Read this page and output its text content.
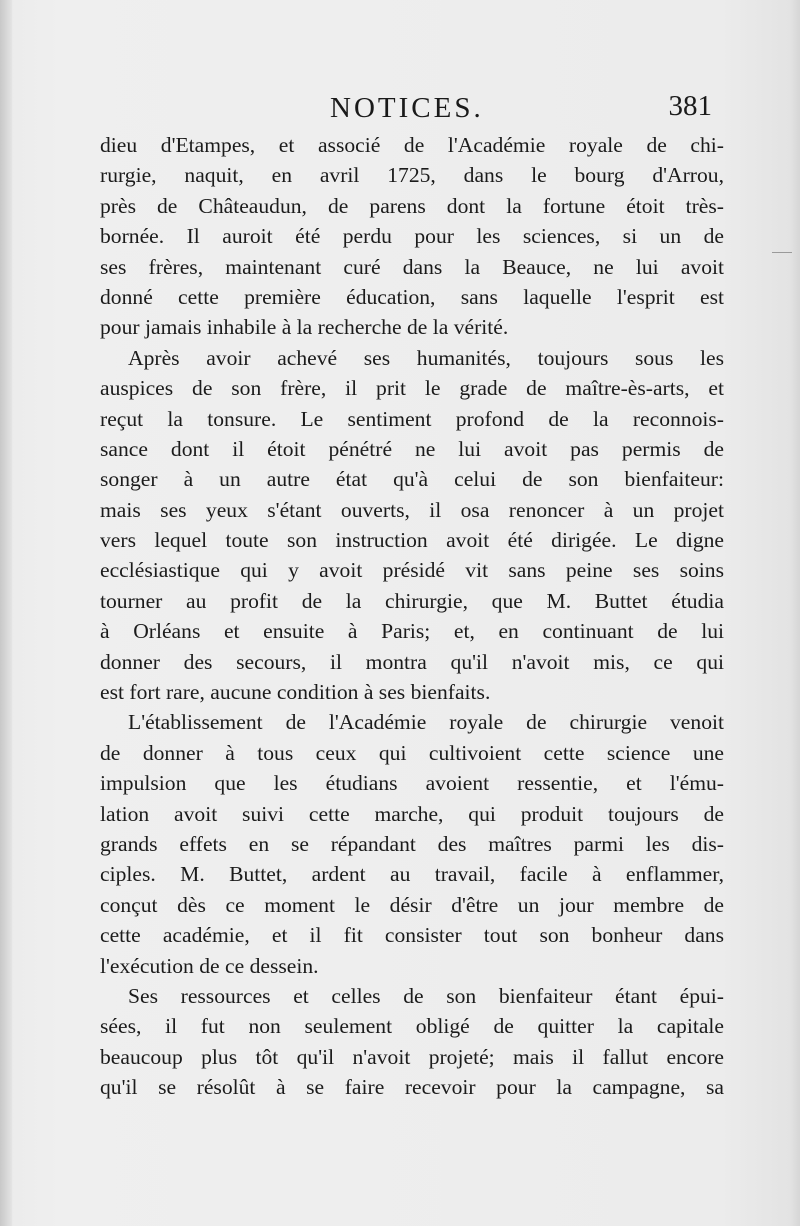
NOTICES.	381
dieu d'Etampes, et associé de l'Académie royale de chi-
rurgie, naquit, en avril 1725, dans le bourg d'Arrou,
près de Châteaudun, de parens dont la fortune étoit très-
bornée. Il auroit été perdu pour les sciences, si un de
ses frères, maintenant curé dans la Beauce, ne lui avoit
donné cette première éducation, sans laquelle l'esprit est
pour jamais inhabile à la recherche de la vérité.
Après avoir achevé ses humanités, toujours sous les
auspices de son frère, il prit le grade de maître-ès-arts, et
reçut la tonsure. Le sentiment profond de la reconnois-
sance dont il étoit pénétré ne lui avoit pas permis de
songer à un autre état qu'à celui de son bienfaiteur:
mais ses yeux s'étant ouverts, il osa renoncer à un projet
vers lequel toute son instruction avoit été dirigée. Le digne
ecclésiastique qui y avoit présidé vit sans peine ses soins
tourner au profit de la chirurgie, que M. Buttet étudia
à Orléans et ensuite à Paris; et, en continuant de lui
donner des secours, il montra qu'il n'avoit mis, ce qui
est fort rare, aucune condition à ses bienfaits.
L'établissement de l'Académie royale de chirurgie venoit
de donner à tous ceux qui cultivoient cette science une
impulsion que les étudians avoient ressentie, et l'ému-
lation avoit suivi cette marche, qui produit toujours de
grands effets en se répandant des maîtres parmi les dis-
ciples. M. Buttet, ardent au travail, facile à enflammer,
conçut dès ce moment le désir d'être un jour membre de
cette académie, et il fit consister tout son bonheur dans
l'exécution de ce dessein.
Ses ressources et celles de son bienfaiteur étant épui-
sées, il fut non seulement obligé de quitter la capitale
beaucoup plus tôt qu'il n'avoit projeté; mais il fallut encore
qu'il se résolût à se faire recevoir pour la campagne, sa
